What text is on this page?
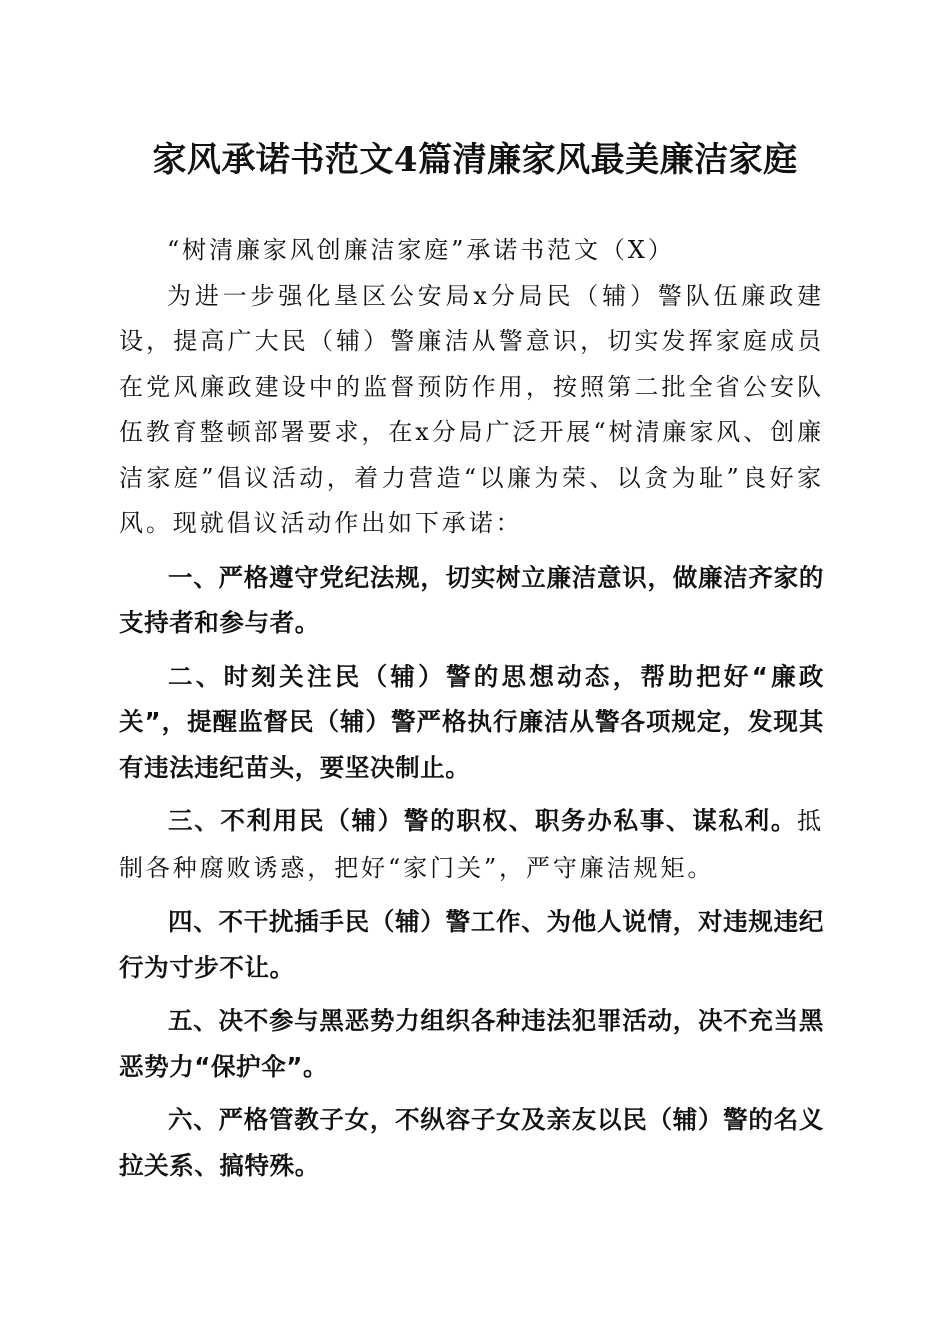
家风承诺书范文4篇清廉家风最美廉洁家庭

“树清廉家风创廉洁家庭”承诺书范文（X）

为进一步强化垦区公安局x分局民（辅）警队伍廉政建设，提高广大民（辅）警廉洁从警意识，切实发挥家庭成员在党风廉政建设中的监督预防作用，按照第二批全省公安队伍教育整顿部署要求，在x分局广泛开展“树清廉家风、创廉洁家庭”倡议活动，着力营造“以廉为荣、以贪为耻”良好家风。现就倡议活动作出如下承诺：

一、严格遵守党纪法规，切实树立廉洁意识，做廉洁齐家的支持者和参与者。

二、时刻关注民（辅）警的思想动态，帮助把好“廉政关”，提醒监督民（辅）警严格执行廉洁从警各项规定，发现其有违法违纪苗头，要坚决制止。

三、不利用民（辅）警的职权、职务办私事、谋私利。抵制各种腐败诱惑，把好“家门关”，严守廉洁规矩。

四、不干扰插手民（辅）警工作、为他人说情，对违规违纪行为寸步不让。

五、决不参与黑恶势力组织各种违法犯罪活动，决不充当黑恶势力“保护伞”。

六、严格管教子女，不纵容子女及亲友以民（辅）警的名义拉关系、搞特殊。
